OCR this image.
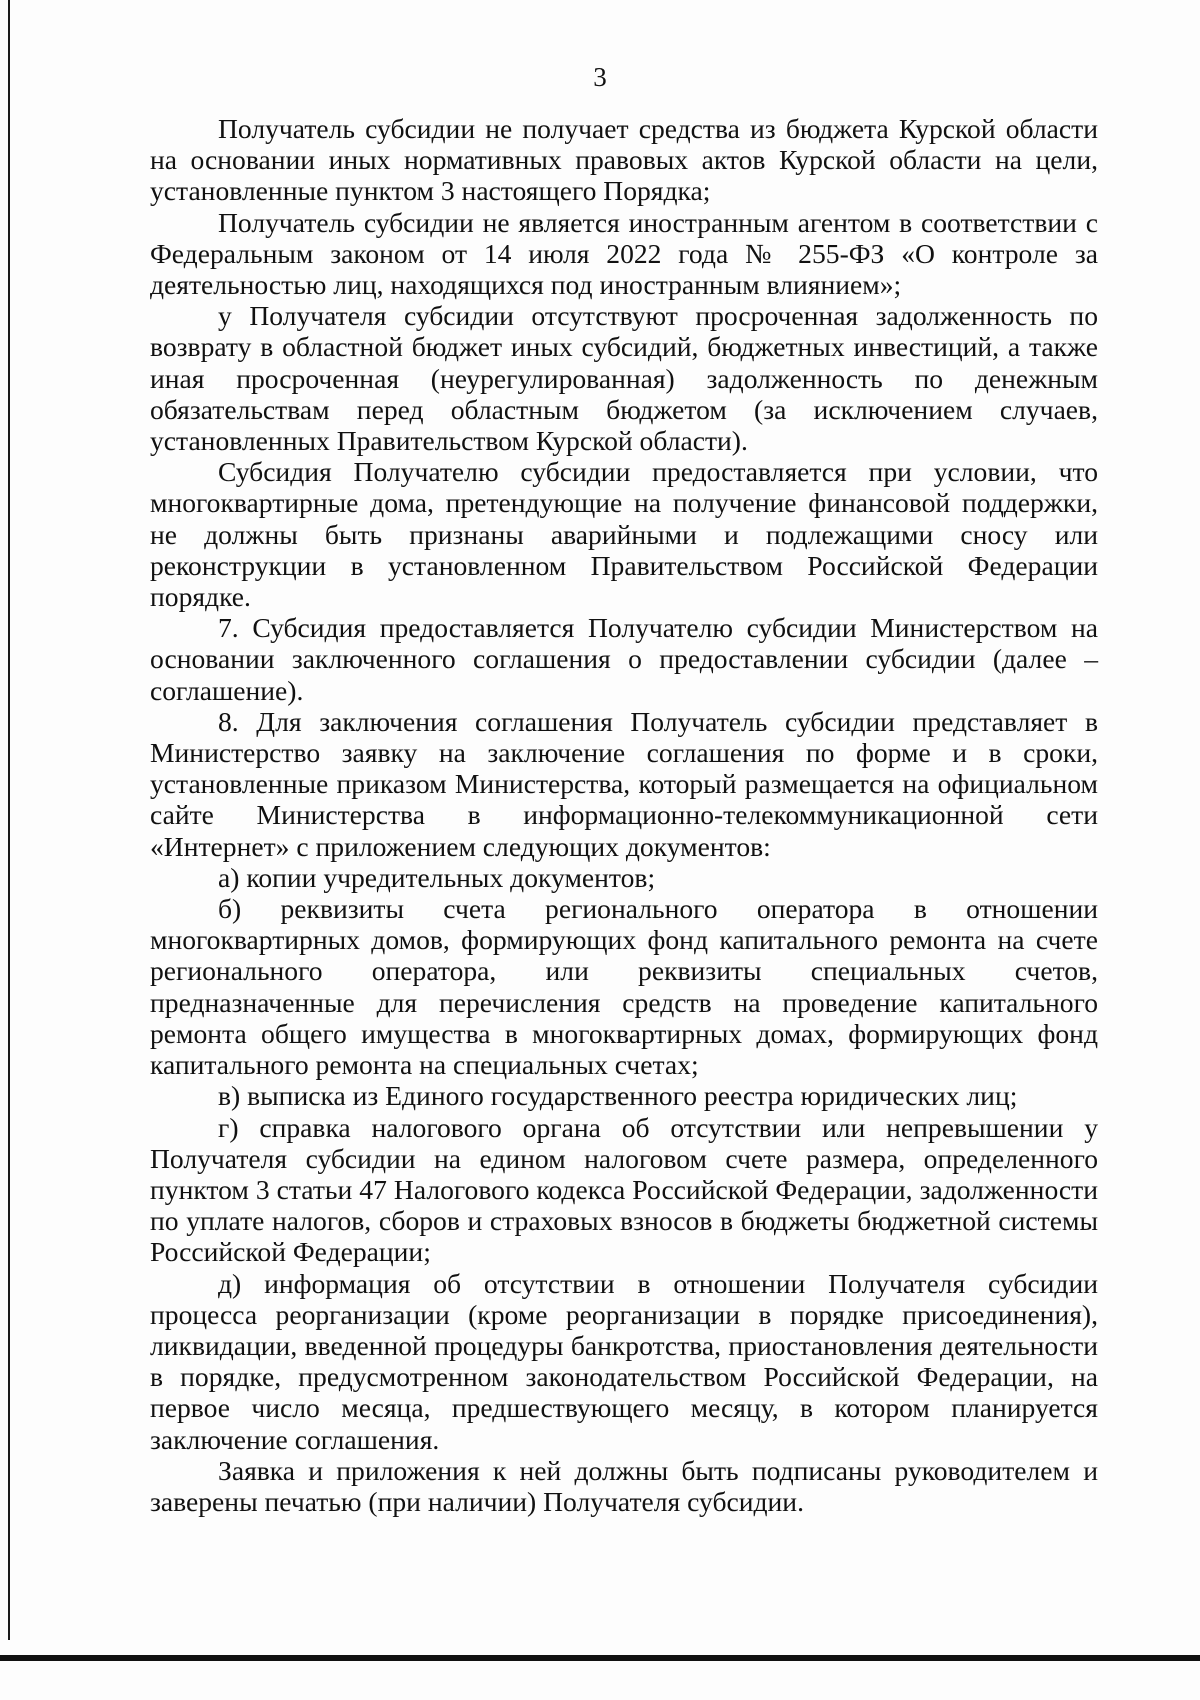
3

Получатель субсидии не получает средства из бюджета Курской области на основании иных нормативных правовых актов Курской области на цели, установленные пунктом 3 настоящего Порядка;

Получатель субсидии не является иностранным агентом в соответствии с Федеральным законом от 14 июля 2022 года № 255-ФЗ «О контроле за деятельностью лиц, находящихся под иностранным влиянием»;

у Получателя субсидии отсутствуют просроченная задолженность по возврату в областной бюджет иных субсидий, бюджетных инвестиций, а также иная просроченная (неурегулированная) задолженность по денежным обязательствам перед областным бюджетом (за исключением случаев, установленных Правительством Курской области).

Субсидия Получателю субсидии предоставляется при условии, что многоквартирные дома, претендующие на получение финансовой поддержки, не должны быть признаны аварийными и подлежащими сносу или реконструкции в установленном Правительством Российской Федерации порядке.

7. Субсидия предоставляется Получателю субсидии Министерством на основании заключенного соглашения о предоставлении субсидии (далее – соглашение).

8. Для заключения соглашения Получатель субсидии представляет в Министерство заявку на заключение соглашения по форме и в сроки, установленные приказом Министерства, который размещается на официальном сайте Министерства в информационно-телекоммуникационной сети «Интернет» с приложением следующих документов:

а) копии учредительных документов;

б) реквизиты счета регионального оператора в отношении многоквартирных домов, формирующих фонд капитального ремонта на счете регионального оператора, или реквизиты специальных счетов, предназначенные для перечисления средств на проведение капитального ремонта общего имущества в многоквартирных домах, формирующих фонд капитального ремонта на специальных счетах;

в) выписка из Единого государственного реестра юридических лиц;

г) справка налогового органа об отсутствии или непревышении у Получателя субсидии на едином налоговом счете размера, определенного пунктом 3 статьи 47 Налогового кодекса Российской Федерации, задолженности по уплате налогов, сборов и страховых взносов в бюджеты бюджетной системы Российской Федерации;

д) информация об отсутствии в отношении Получателя субсидии процесса реорганизации (кроме реорганизации в порядке присоединения), ликвидации, введенной процедуры банкротства, приостановления деятельности в порядке, предусмотренном законодательством Российской Федерации, на первое число месяца, предшествующего месяцу, в котором планируется заключение соглашения.

Заявка и приложения к ней должны быть подписаны руководителем и заверены печатью (при наличии) Получателя субсидии.
